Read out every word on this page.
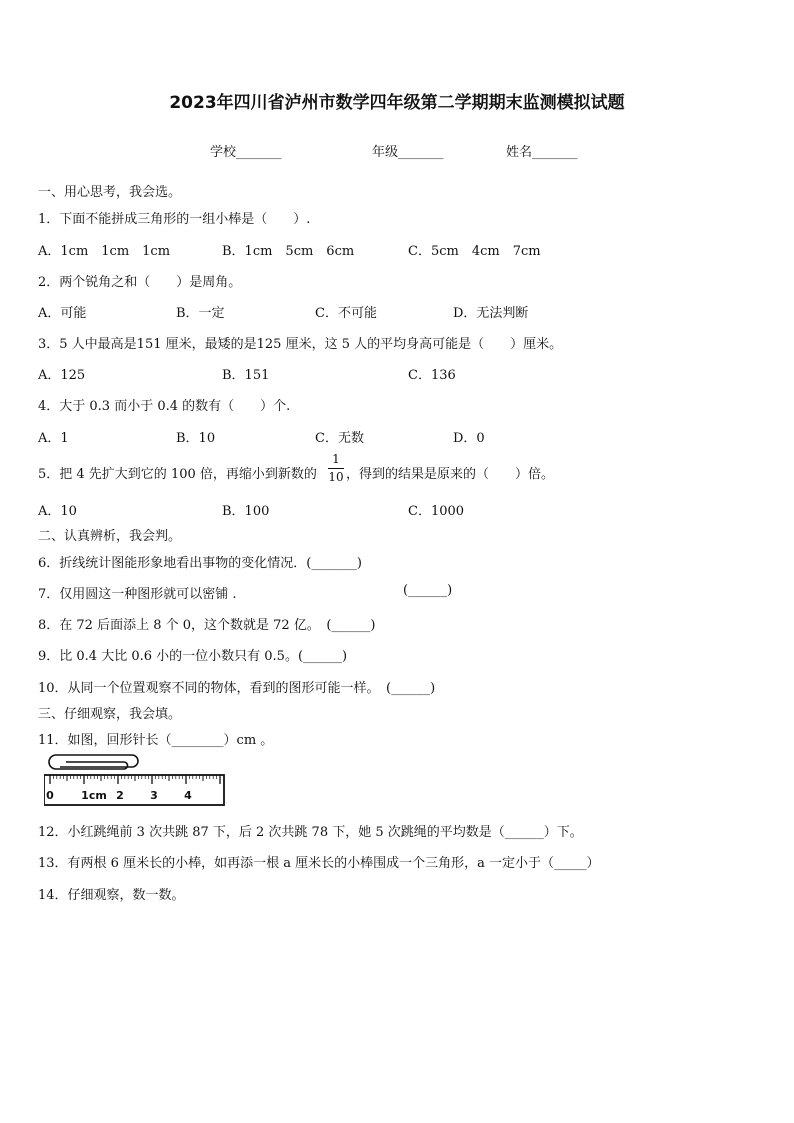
2023年四川省泸州市数学四年级第二学期期末监测模拟试题
学校_______	年级_______	姓名_______
一、用心思考，我会选。
1．下面不能拼成三角形的一组小棒是（　　）.
A．1cm　1cm　1cm	B．1cm　5cm　6cm	C．5cm　4cm　7cm
2．两个锐角之和（　　）是周角。
A．可能	B．一定	C．不可能	D．无法判断
3．5 人中最高是151 厘米，最矮的是125 厘米，这 5 人的平均身高可能是（　　）厘米。
A．125	B．151	C．136
4．大于 0.3 而小于 0.4 的数有（　　）个.
A．1	B．10	C．无数	D．0
5．把 4 先扩大到它的 100 倍，再缩小到新数的
1
10 ，得到的结果是原来的（　　）倍。
A．10	B．100	C．1000
二、认真辨析，我会判。
6．折线统计图能形象地看出事物的变化情况．(_______)
7．仅用圆这一种图形就可以密铺 .	(______)
8．在 72 后面添上 8 个 0，这个数就是 72 亿。　(______)
9．比 0.4 大比 0.6 小的一位小数只有 0.5。(______)
10．从同一个位置观察不同的物体，看到的图形可能一样。　(______)
三、仔细观察，我会填。
11．如图，回形针长（________）cm 。
0 1cm 2 3 4
12．小红跳绳前 3 次共跳 87 下，后 2 次共跳 78 下，她 5 次跳绳的平均数是（______）下。
13．有两根 6 厘米长的小棒，如再添一根 a 厘米长的小棒围成一个三角形，a 一定小于（_____）
14．仔细观察，数一数。
